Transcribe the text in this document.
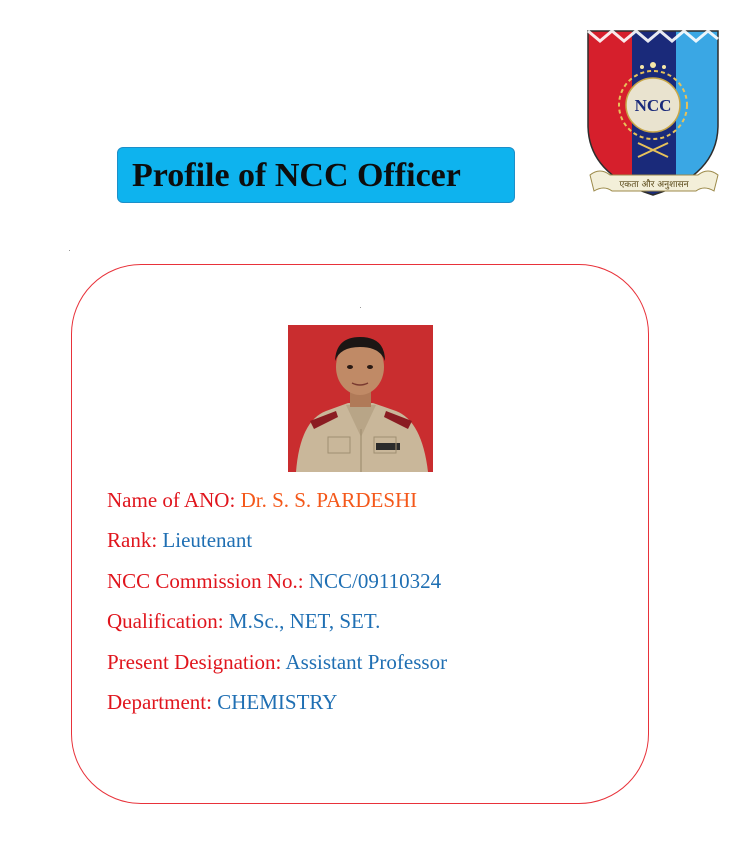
Profile of NCC Officer
NCC
एकता और अनुशासन
Name of ANO: Dr. S. S. PARDESHI
Rank: Lieutenant
NCC Commission No.: NCC/09110324
Qualification: M.Sc., NET, SET.
Present Designation: Assistant Professor
Department: CHEMISTRY
